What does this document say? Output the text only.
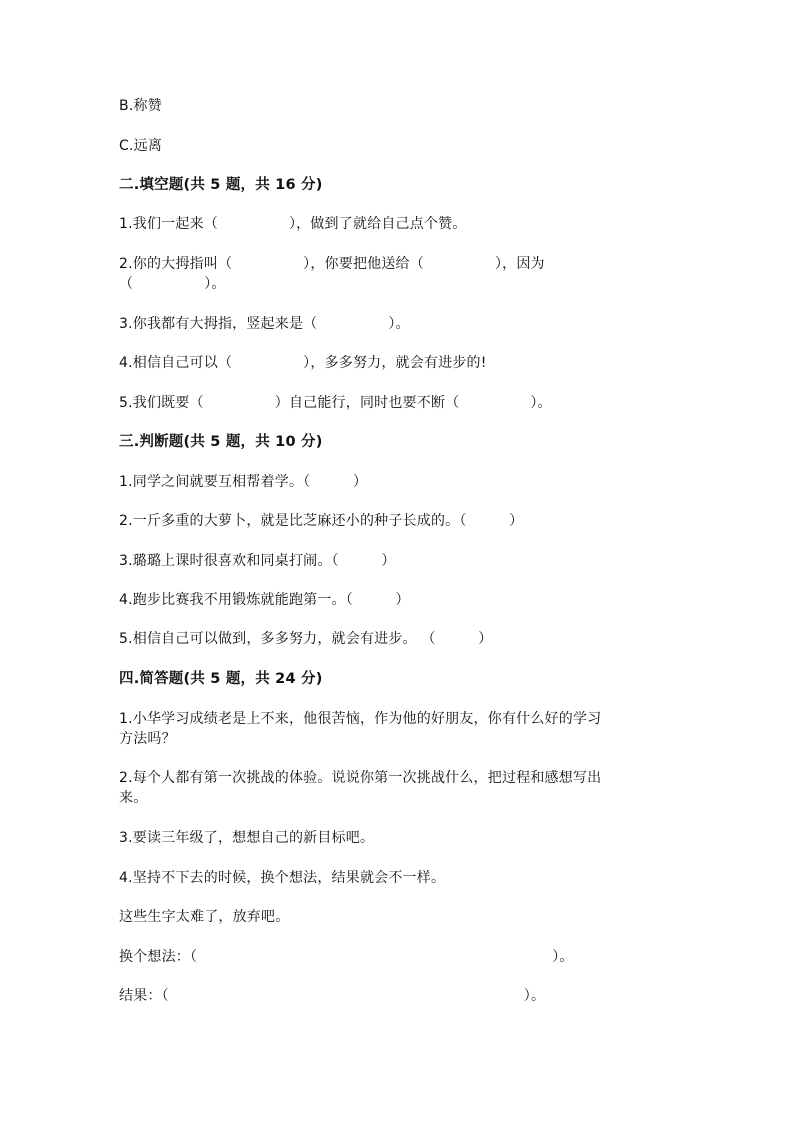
B.称赞

C.远离

二.填空题(共 5 题，共 16 分)

1.我们一起来（　　　　　），做到了就给自己点个赞。

2.你的大拇指叫（　　　　　），你要把他送给（　　　　　），因为

（　　　　　）。

3.你我都有大拇指，竖起来是（　　　　　）。

4.相信自己可以（　　　　　），多多努力，就会有进步的!

5.我们既要（　　　　　）自己能行，同时也要不断（　　　　　）。

三.判断题(共 5 题，共 10 分)

1.同学之间就要互相帮着学。（　　　）

2.一斤多重的大萝卜，就是比芝麻还小的种子长成的。（　　　）

3.璐璐上课时很喜欢和同桌打闹。（　　　）

4.跑步比赛我不用锻炼就能跑第一。（　　　）

5.相信自己可以做到，多多努力，就会有进步。 （　　　）

四.简答题(共 5 题，共 24 分)

1.小华学习成绩老是上不来，他很苦恼，作为他的好朋友，你有什么好的学习

方法吗？

2.每个人都有第一次挑战的体验。说说你第一次挑战什么，把过程和感想写出

来。

3.要读三年级了，想想自己的新目标吧。

4.坚持不下去的时候，换个想法，结果就会不一样。

这些生字太难了，放弃吧。

换个想法：（　　　　　　　　　　　　　　　　　　　　　　　　　）。

结果：（　　　　　　　　　　　　　　　　　　　　　　　　　）。
